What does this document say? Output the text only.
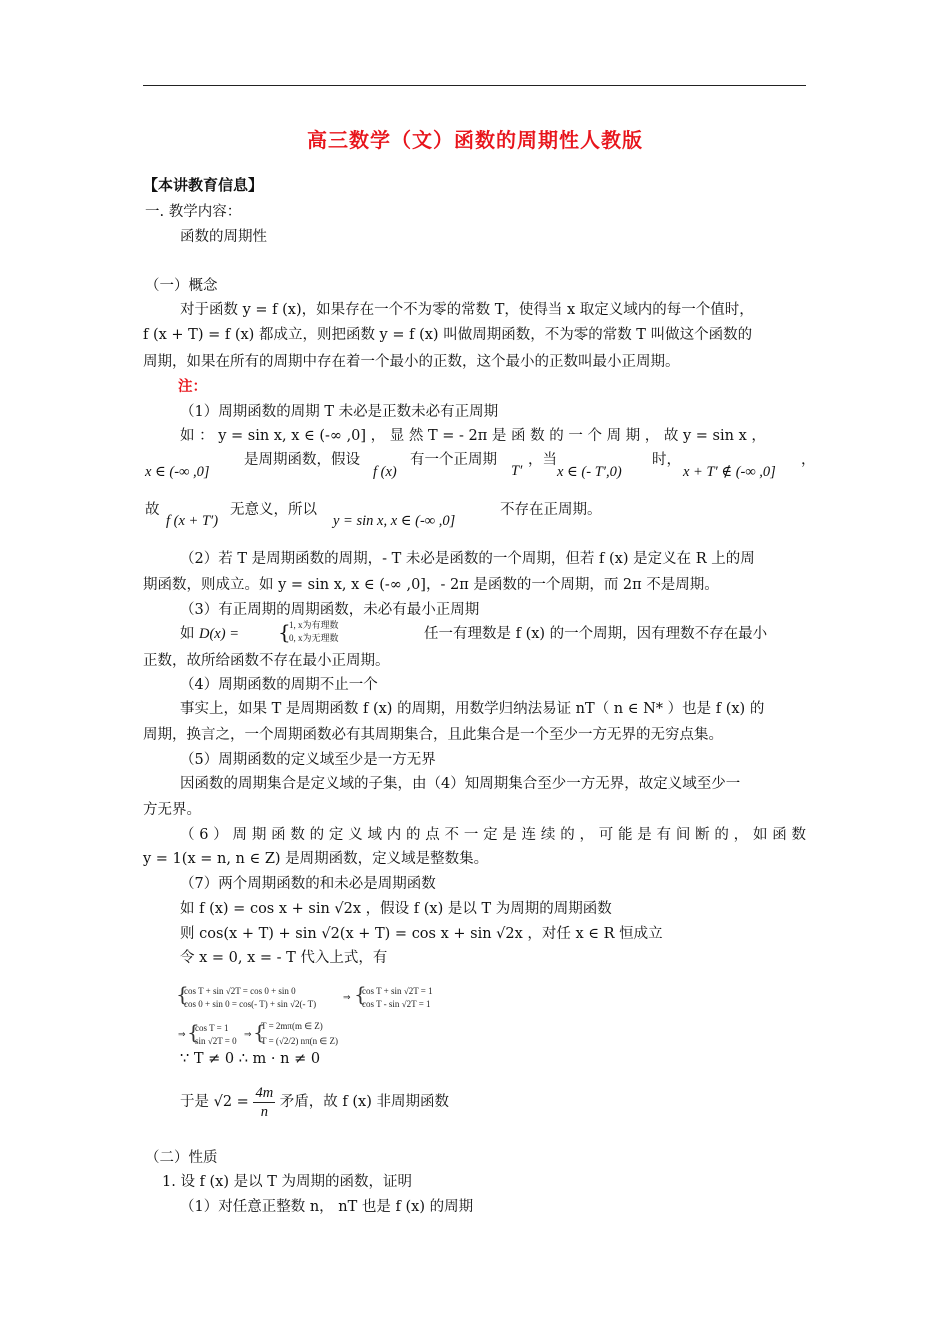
高三数学（文）函数的周期性人教版
【本讲教育信息】
一. 教学内容：
函数的周期性
（一）概念
对于函数 y = f (x)，如果存在一个不为零的常数 T，使得当 x 取定义域内的每一个值时，
f (x + T) = f (x) 都成立，则把函数 y = f (x) 叫做周期函数，不为零的常数 T 叫做这个函数的
周期，如果在所有的周期中存在着一个最小的正数，这个最小的正数叫最小正周期。
注：
（1）周期函数的周期 T 未必是正数未必有正周期
如 ： y = sin x, x ∈ (-∞ ,0] ， 显 然 T = - 2π 是 函 数 的 一 个 周 期 ， 故 y = sin x ，
x ∈ (-∞ ,0]
是周期函数，假设
f (x)
有一个正周期
T′
，当
x ∈ (- T′,0)
时，
x + T′ ∉ (-∞ ,0]
，
故
f (x + T′)
无意义，所以
y = sin x, x ∈ (-∞ ,0]
不存在正周期。
（2）若 T 是周期函数的周期，- T 未必是函数的一个周期，但若 f (x) 是定义在 R 上的周
期函数，则成立。如 y = sin x, x ∈ (-∞ ,0]，- 2π 是函数的一个周期，而 2π 不是周期。
（3）有正周期的周期函数，未必有最小正周期
如 D(x) = {
1, x为有理数
0, x为无理数	任一有理数是 f (x) 的一个周期，因有理数不存在最小
正数，故所给函数不存在最小正周期。
（4）周期函数的周期不止一个
事实上，如果 T 是周期函数 f (x) 的周期，用数学归纳法易证 nT（ n ∈ N* ）也是 f (x) 的
周期，换言之，一个周期函数必有其周期集合，且此集合是一个至少一方无界的无穷点集。
（5）周期函数的定义域至少是一方无界
因函数的周期集合是定义域的子集，由（4）知周期集合至少一方无界，故定义域至少一
方无界。
（6）周期函数的定义域内的点不一定是连续的，可能是有间断的，如函数
y = 1(x = n, n ∈ Z) 是周期函数，定义域是整数集。
（7）两个周期函数的和未必是周期函数
如 f (x) = cos x + sin √2x ，假设 f (x) 是以 T 为周期的周期函数
则 cos(x + T) + sin √2(x + T) = cos x + sin √2x ，对任 x ∈ R 恒成立
令 x = 0, x = - T 代入上式，有
{
cos T + sin √2T = cos 0 + sin 0
cos 0 + sin 0 = cos(- T) + sin √2(- T)
⇒ {
cos T + sin √2T = 1
cos T - sin √2T = 1
⇒ {
cos T = 1
sin √2T = 0
⇒ {
T = 2mπ(m ∈ Z)
T = (√2/2) nπ(n ∈ Z)
∵ T ≠ 0 ∴ m · n ≠ 0
于是 $√2 = \frac{4m}{n}$ 矛盾，故 f (x) 非周期函数
（二）性质
1. 设 f (x) 是以 T 为周期的函数，证明
（1）对任意正整数 n， nT 也是 f (x) 的周期
